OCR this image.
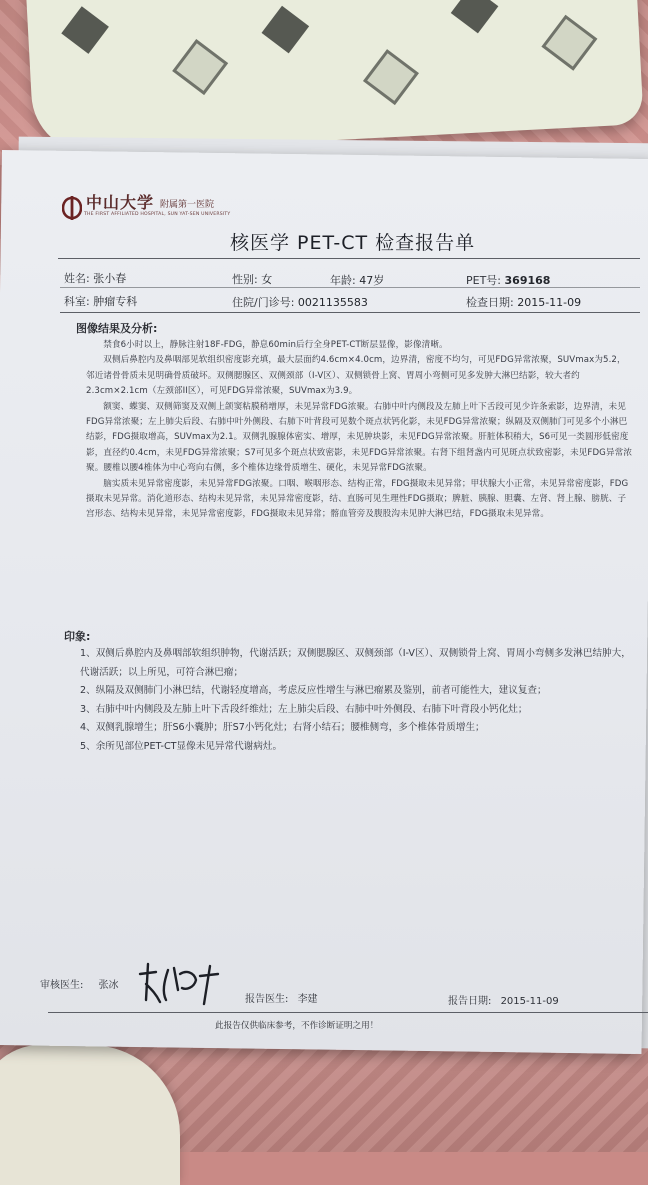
中山大学 附属第一医院
THE FIRST AFFILIATED HOSPITAL, SUN YAT-SEN UNIVERSITY
核医学 PET-CT 检查报告单
姓名: 张小春	性别: 女	年龄: 47岁	PET号: 369168
科室: 肿瘤专科	住院/门诊号: 0021135583	检查日期: 2015-11-09
图像结果及分析:

禁食6小时以上，静脉注射18F-FDG，静息60min后行全身PET-CT断层显像，影像清晰。

双侧后鼻腔内及鼻咽部见软组织密度影充填，最大层面约4.6cm×4.0cm，边界清，密度不均匀，可见FDG异常浓聚，SUVmax为5.2，邻近诸骨骨质未见明确骨质破坏。双侧腮腺区、双侧颈部（I-V区）、双侧锁骨上窝、胃周小弯侧可见多发肿大淋巴结影，较大者约2.3cm×2.1cm（左颈部II区），可见FDG异常浓聚，SUVmax为3.9。

额窦、蝶窦、双侧筛窦及双侧上颌窦粘膜稍增厚，未见异常FDG浓聚。右肺中叶内侧段及左肺上叶下舌段可见少许条索影，边界清，未见FDG异常浓聚；左上肺尖后段、右肺中叶外侧段、右肺下叶背段可见数个斑点状钙化影，未见FDG异常浓聚；纵隔及双侧肺门可见多个小淋巴结影，FDG摄取增高，SUVmax为2.1。双侧乳腺腺体密实、增厚，未见肿块影，未见FDG异常浓聚。肝脏体积稍大，S6可见一类圆形低密度影，直径约0.4cm，未见FDG异常浓聚；S7可见多个斑点状致密影，未见FDG异常浓聚。右肾下组肾盏内可见斑点状致密影，未见FDG异常浓聚。腰椎以腰4椎体为中心弯向右侧，多个椎体边缘骨质增生、硬化，未见异常FDG浓聚。

脑实质未见异常密度影，未见异常FDG浓聚。口咽、喉咽形态、结构正常，FDG摄取未见异常；甲状腺大小正常，未见异常密度影，FDG摄取未见异常。消化道形态、结构未见异常，未见异常密度影，结、直肠可见生理性FDG摄取；脾脏、胰腺、胆囊、左肾、肾上腺、膀胱、子宫形态、结构未见异常，未见异常密度影，FDG摄取未见异常；髂血管旁及腹股沟未见肿大淋巴结，FDG摄取未见异常。

印象:

1、双侧后鼻腔内及鼻咽部软组织肿物，代谢活跃；双侧腮腺区、双侧颈部（I-V区）、双侧锁骨上窝、胃周小弯侧多发淋巴结肿大，代谢活跃；以上所见，可符合淋巴瘤；

2、纵隔及双侧肺门小淋巴结，代谢轻度增高，考虑反应性增生与淋巴瘤累及鉴别，前者可能性大，建议复查；

3、右肺中叶内侧段及左肺上叶下舌段纤维灶；左上肺尖后段、右肺中叶外侧段、右肺下叶背段小钙化灶；

4、双侧乳腺增生；肝S6小囊肿；肝S7小钙化灶；右肾小结石；腰椎侧弯，多个椎体骨质增生；

5、余所见部位PET-CT显像未见异常代谢病灶。

审核医生: 张冰
报告医生: 李建	报告日期: 2015-11-09
此报告仅供临床参考，不作诊断证明之用！
